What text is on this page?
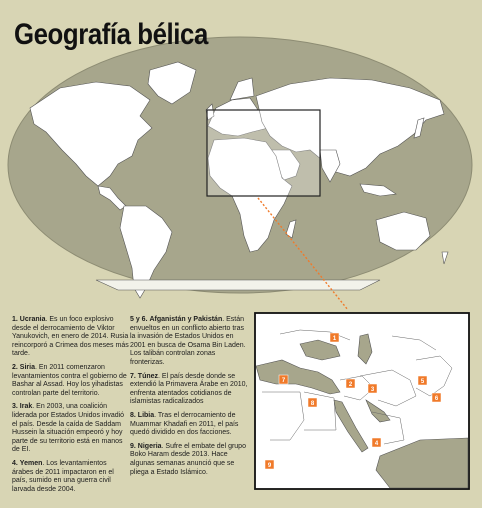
1
2
3
4
5
6
7
8
9
Geografía bélica

1. Ucrania. Es un foco explosivo desde el derrocamiento de Viktor Yanukovich, en enero de 2014. Rusia reincorporó a Crimea dos meses más tarde.

2. Siria. En 2011 comenzaron levantamientos contra el gobierno de Bashar al Assad. Hoy los yihadistas controlan parte del territorio.

3. Irak. En 2003, una coalición liderada por Estados Unidos invadió el país. Desde la caída de Saddam Hussein la situación empeoró y hoy parte de su territorio está en manos de EI.

4. Yemen. Los levantamientos árabes de 2011 impactaron en el país, sumido en una guerra civil larvada desde 2004.

5 y 6. Afganistán y Pakistán. Están envueltos en un conflicto abierto tras la invasión de Estados Unidos en 2001 en busca de Osama Bin Laden. Los talibán controlan zonas fronterizas.

7. Túnez. El país desde donde se extendió la Primavera Árabe en 2010, enfrenta atentados cotidianos de islamistas radicalizados

8. Libia. Tras el derrocamiento de Muammar Khadafi en 2011, el país quedó dividido en dos facciones.

9. Nigeria. Sufre el embate del grupo Boko Haram desde 2013. Hace algunas semanas anunció que se pliega a Estado Islámico.
